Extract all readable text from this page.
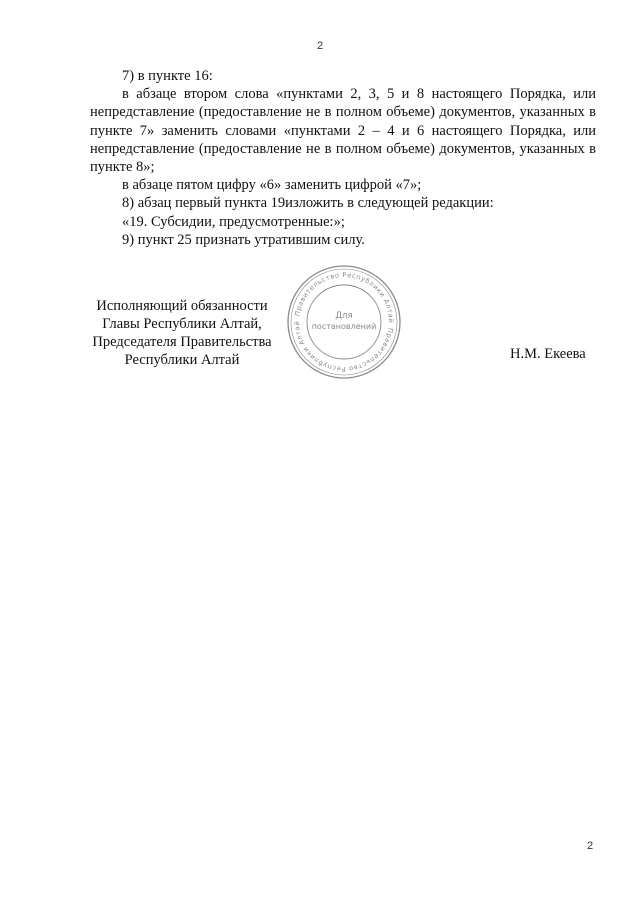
2

7) в пункте 16:

в абзаце втором слова «пунктами 2, 3, 5 и 8 настоящего Порядка, или непредставление (предоставление не в полном объеме) документов, указанных в пункте 7» заменить словами «пунктами 2 – 4 и 6 настоящего Порядка, или непредставление (предоставление не в полном объеме) документов, указанных в пункте 8»;

в абзаце пятом цифру «6» заменить цифрой «7»;

8) абзац первый пункта 19изложить в следующей редакции:

«19. Субсидии, предусмотренные:»;

9) пункт 25 признать утратившим силу.

Исполняющий обязанности
Главы Республики Алтай,
Председателя Правительства
Республики Алтай	Н.М. Екеева
Правительство Республики Алтай
Правительство Республики Алтай
Для
постановлений
2
